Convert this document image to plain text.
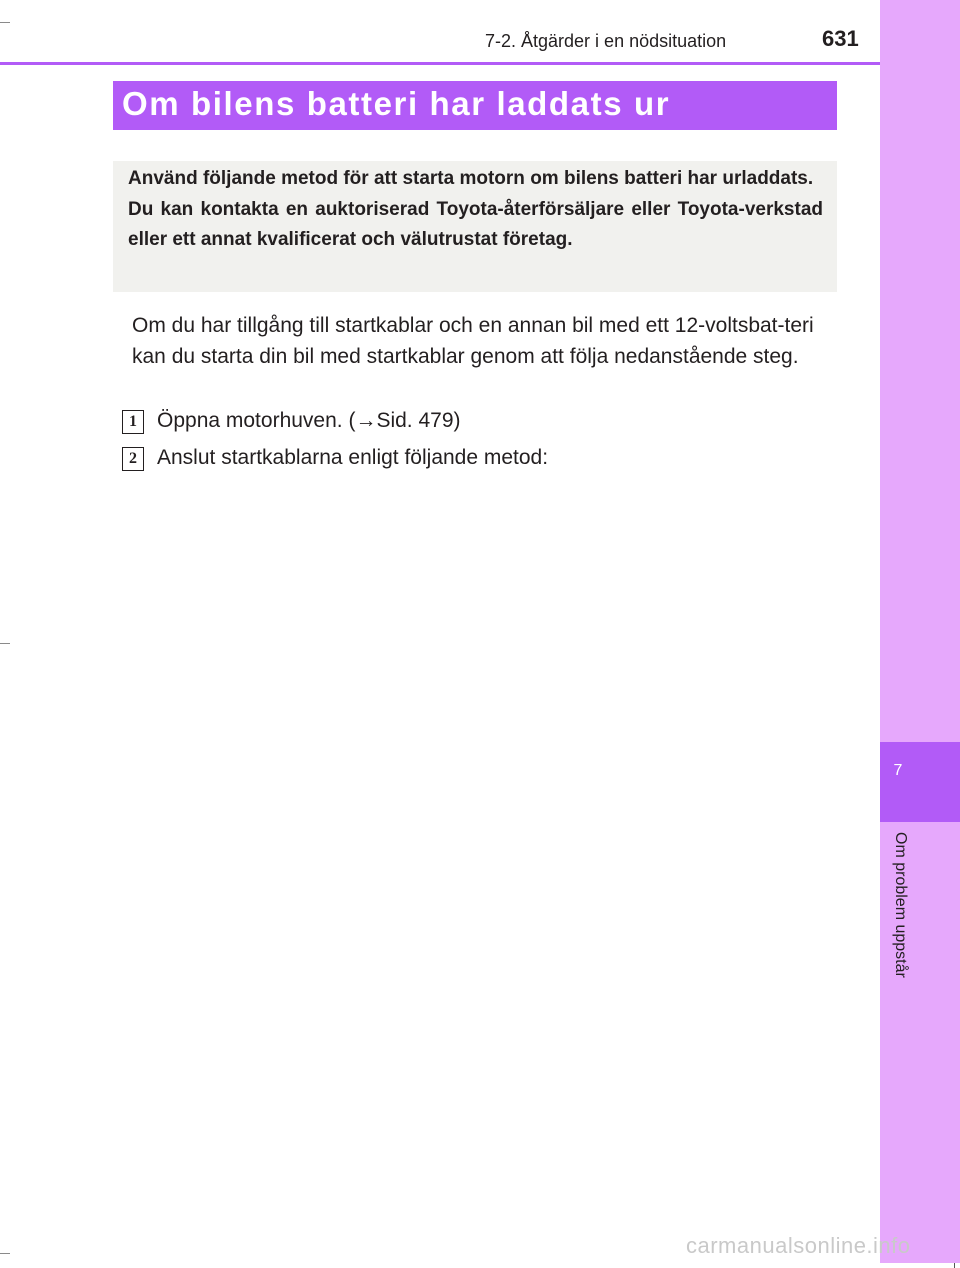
7-2. Åtgärder i en nödsituation	631
7
Om problem uppstår
Om bilens batteri har laddats ur

Använd följande metod för att starta motorn om bilens batteri har urladdats.

Du kan kontakta en auktoriserad Toyota-återförsäljare eller Toyota-verkstad eller ett annat kvalificerat och välutrustat företag.

Om du har tillgång till startkablar och en annan bil med ett 12-voltsbat-teri kan du starta din bil med startkablar genom att följa nedanstående steg.
1 Öppna motorhuven. (→Sid. 479)
2 Anslut startkablarna enligt följande metod:
carmanualsonline.info
